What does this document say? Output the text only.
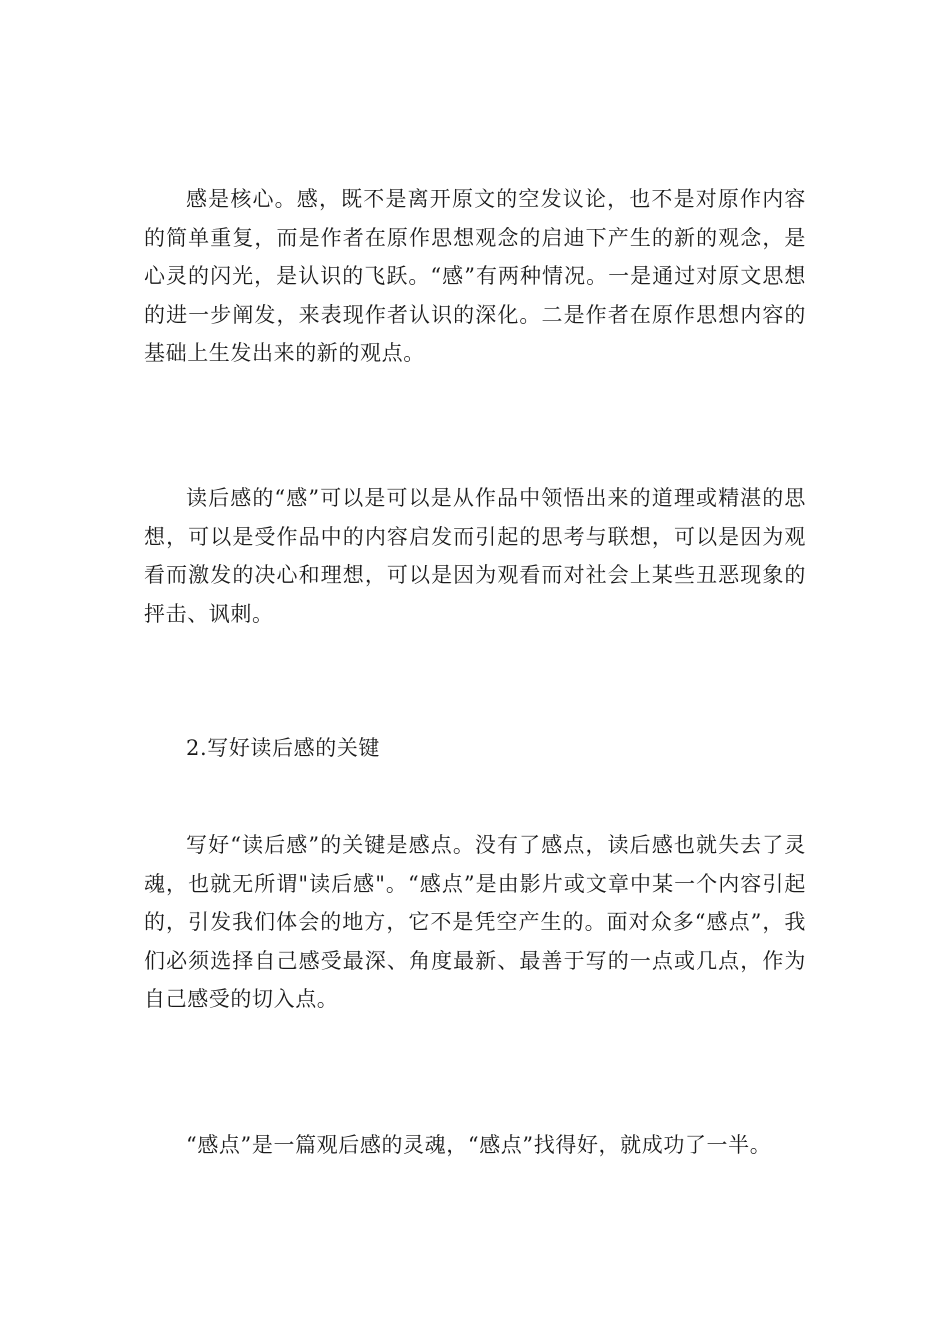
感是核心。感，既不是离开原文的空发议论，也不是对原作内容的简单重复，而是作者在原作思想观念的启迪下产生的新的观念，是心灵的闪光，是认识的飞跃。“感”有两种情况。一是通过对原文思想的进一步阐发，来表现作者认识的深化。二是作者在原作思想内容的基础上生发出来的新的观点。

读后感的“感”可以是可以是从作品中领悟出来的道理或精湛的思想，可以是受作品中的内容启发而引起的思考与联想，可以是因为观看而激发的决心和理想，可以是因为观看而对社会上某些丑恶现象的抨击、讽刺。

2.写好读后感的关键

写好“读后感”的关键是感点。没有了感点，读后感也就失去了灵魂，也就无所谓"读后感"。“感点”是由影片或文章中某一个内容引起的，引发我们体会的地方，它不是凭空产生的。面对众多“感点”，我们必须选择自己感受最深、角度最新、最善于写的一点或几点，作为自己感受的切入点。

“感点”是一篇观后感的灵魂，“感点”找得好，就成功了一半。
